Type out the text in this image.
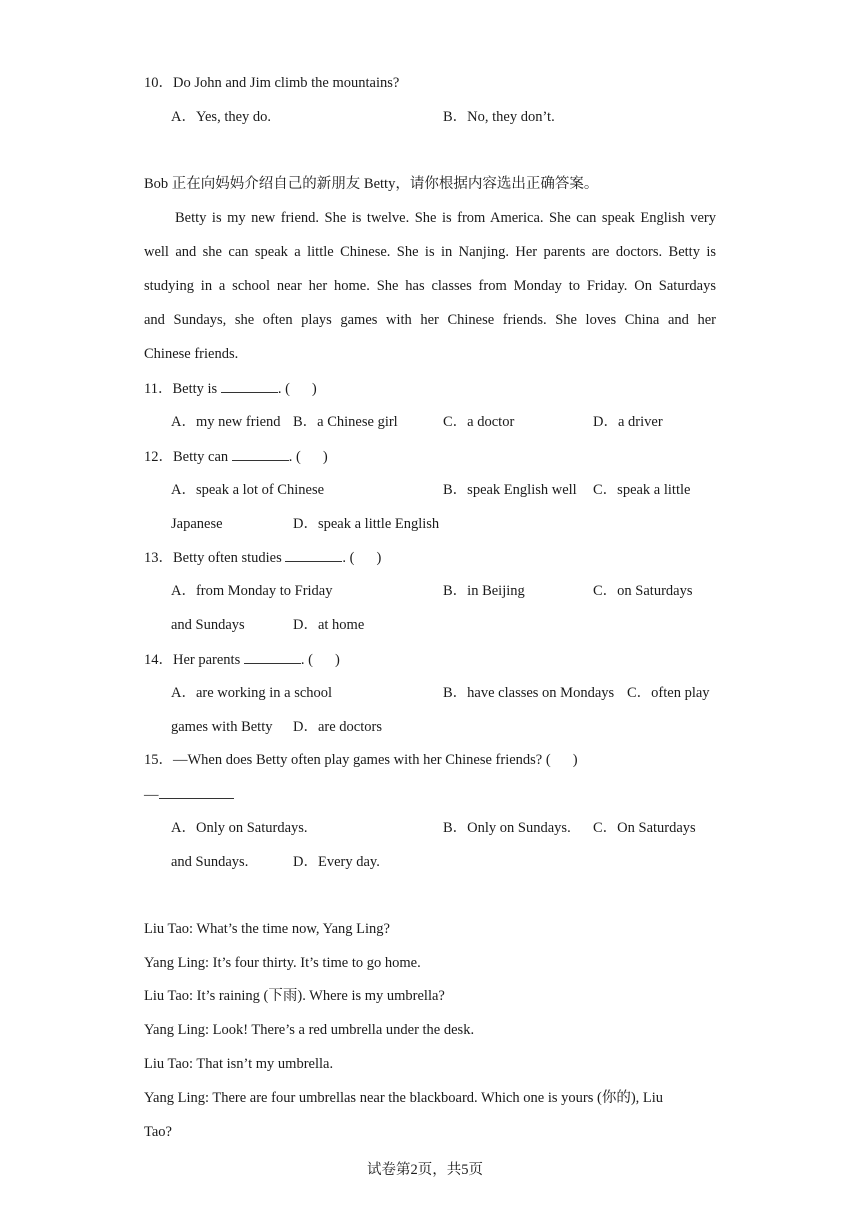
10．Do John and Jim climb the mountains?
A．Yes, they do.	B．No, they don’t.
Bob 正在向妈妈介绍自己的新朋友 Betty，请你根据内容选出正确答案。
Betty is my new friend. She is twelve. She is from America. She can speak English very
well and she can speak a little Chinese. She is in Nanjing. Her parents are doctors. Betty is
studying in a school near her home. She has classes from Monday to Friday. On Saturdays
and Sundays, she often plays games with her Chinese friends. She loves China and her
Chinese friends.
11．Betty is	. ( )
A．my new friend B．a Chinese girl	C．a doctor	D．a driver
12．Betty can	. ( )
A．speak a lot of Chinese	B．speak English well C．speak a little
Japanese	D．speak a little English
13．Betty often studies	. ( )
A．from Monday to Friday	B．in Beijing	C．on Saturdays
and Sundays	D．at home
14．Her parents	. ( )
A．are working in a school	B．have classes on Mondays C．often play
games with Betty D．are doctors
15．—When does Betty often play games with her Chinese friends? ( )
—
A．Only on Saturdays.	B．Only on Sundays. C．On Saturdays
and Sundays.	D．Every day.
Liu Tao: What’s the time now, Yang Ling?
Yang Ling: It’s four thirty. It’s time to go home.
Liu Tao: It’s raining (下雨). Where is my umbrella?
Yang Ling: Look! There’s a red umbrella under the desk.
Liu Tao: That isn’t my umbrella.
Yang Ling: There are four umbrellas near the blackboard. Which one is yours (你的), Liu
Tao?
试卷第2页，共5页
